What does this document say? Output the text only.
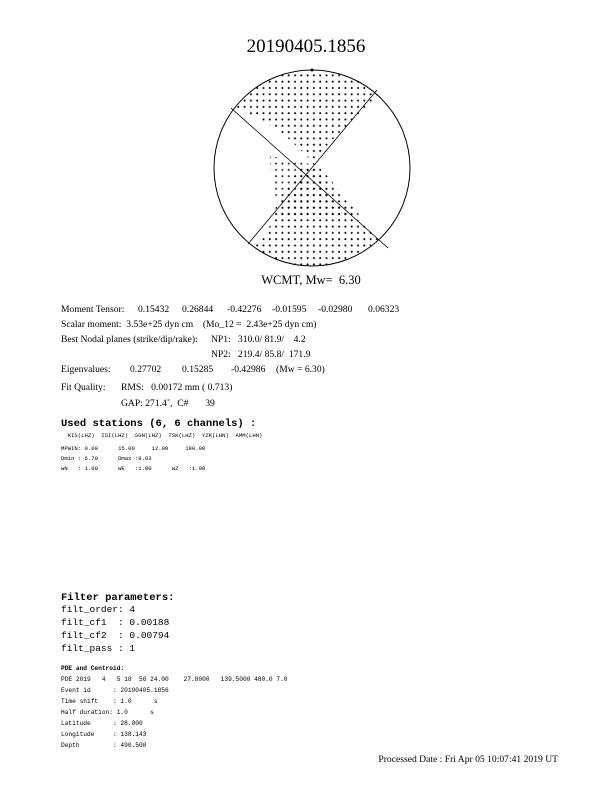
20190405.1856
WCMT, Mw=  6.30
Moment Tensor: 0.15432 0.26844 -0.42276 -0.01595 -0.02980 0.06323
Scalar moment:  3.53e+25 dyn cm    (Mo_12 =  2.43e+25 dyn cm)
Best Nodal planes (strike/dip/rake): NP1:   310.0/ 81.9/    4.2
NP2:   219.4/ 85.8/  171.9
Eigenvalues: 0.27702 0.15285 -0.42986 (Mw = 6.30)
Fit Quality: RMS:   0.00172 mm ( 0.713)
GAP: 271.4˚,  C#       39
Used stations (6, 6 channels) :
KIS(LHZ)  ISI(LHZ)  SGN(LHZ)  TSK(LHZ)  YZK(LHN)  AMM(LHN)
MPWIN: 0.00      15.00     12.00     180.00
Dmin : 6.79      Dmax :9.03
wN   : 1.00      wE   :1.00      wZ   :1.00
Filter parameters:
filt_order: 4
filt_cf1  : 0.00188
filt_cf2  : 0.00794
filt_pass : 1
PDE and Centroid:
PDE 2019   4   5 18  56 24.00    27.8000   139.5000 480.0 7.0
Event id      : 20190405.1856
Time shift    : 1.0      s
Half duration: 1.0      s
Latitude      : 28.000
Longitude     : 138.143
Depth         : 490.500
Processed Date : Fri Apr 05 10:07:41 2019 UT
